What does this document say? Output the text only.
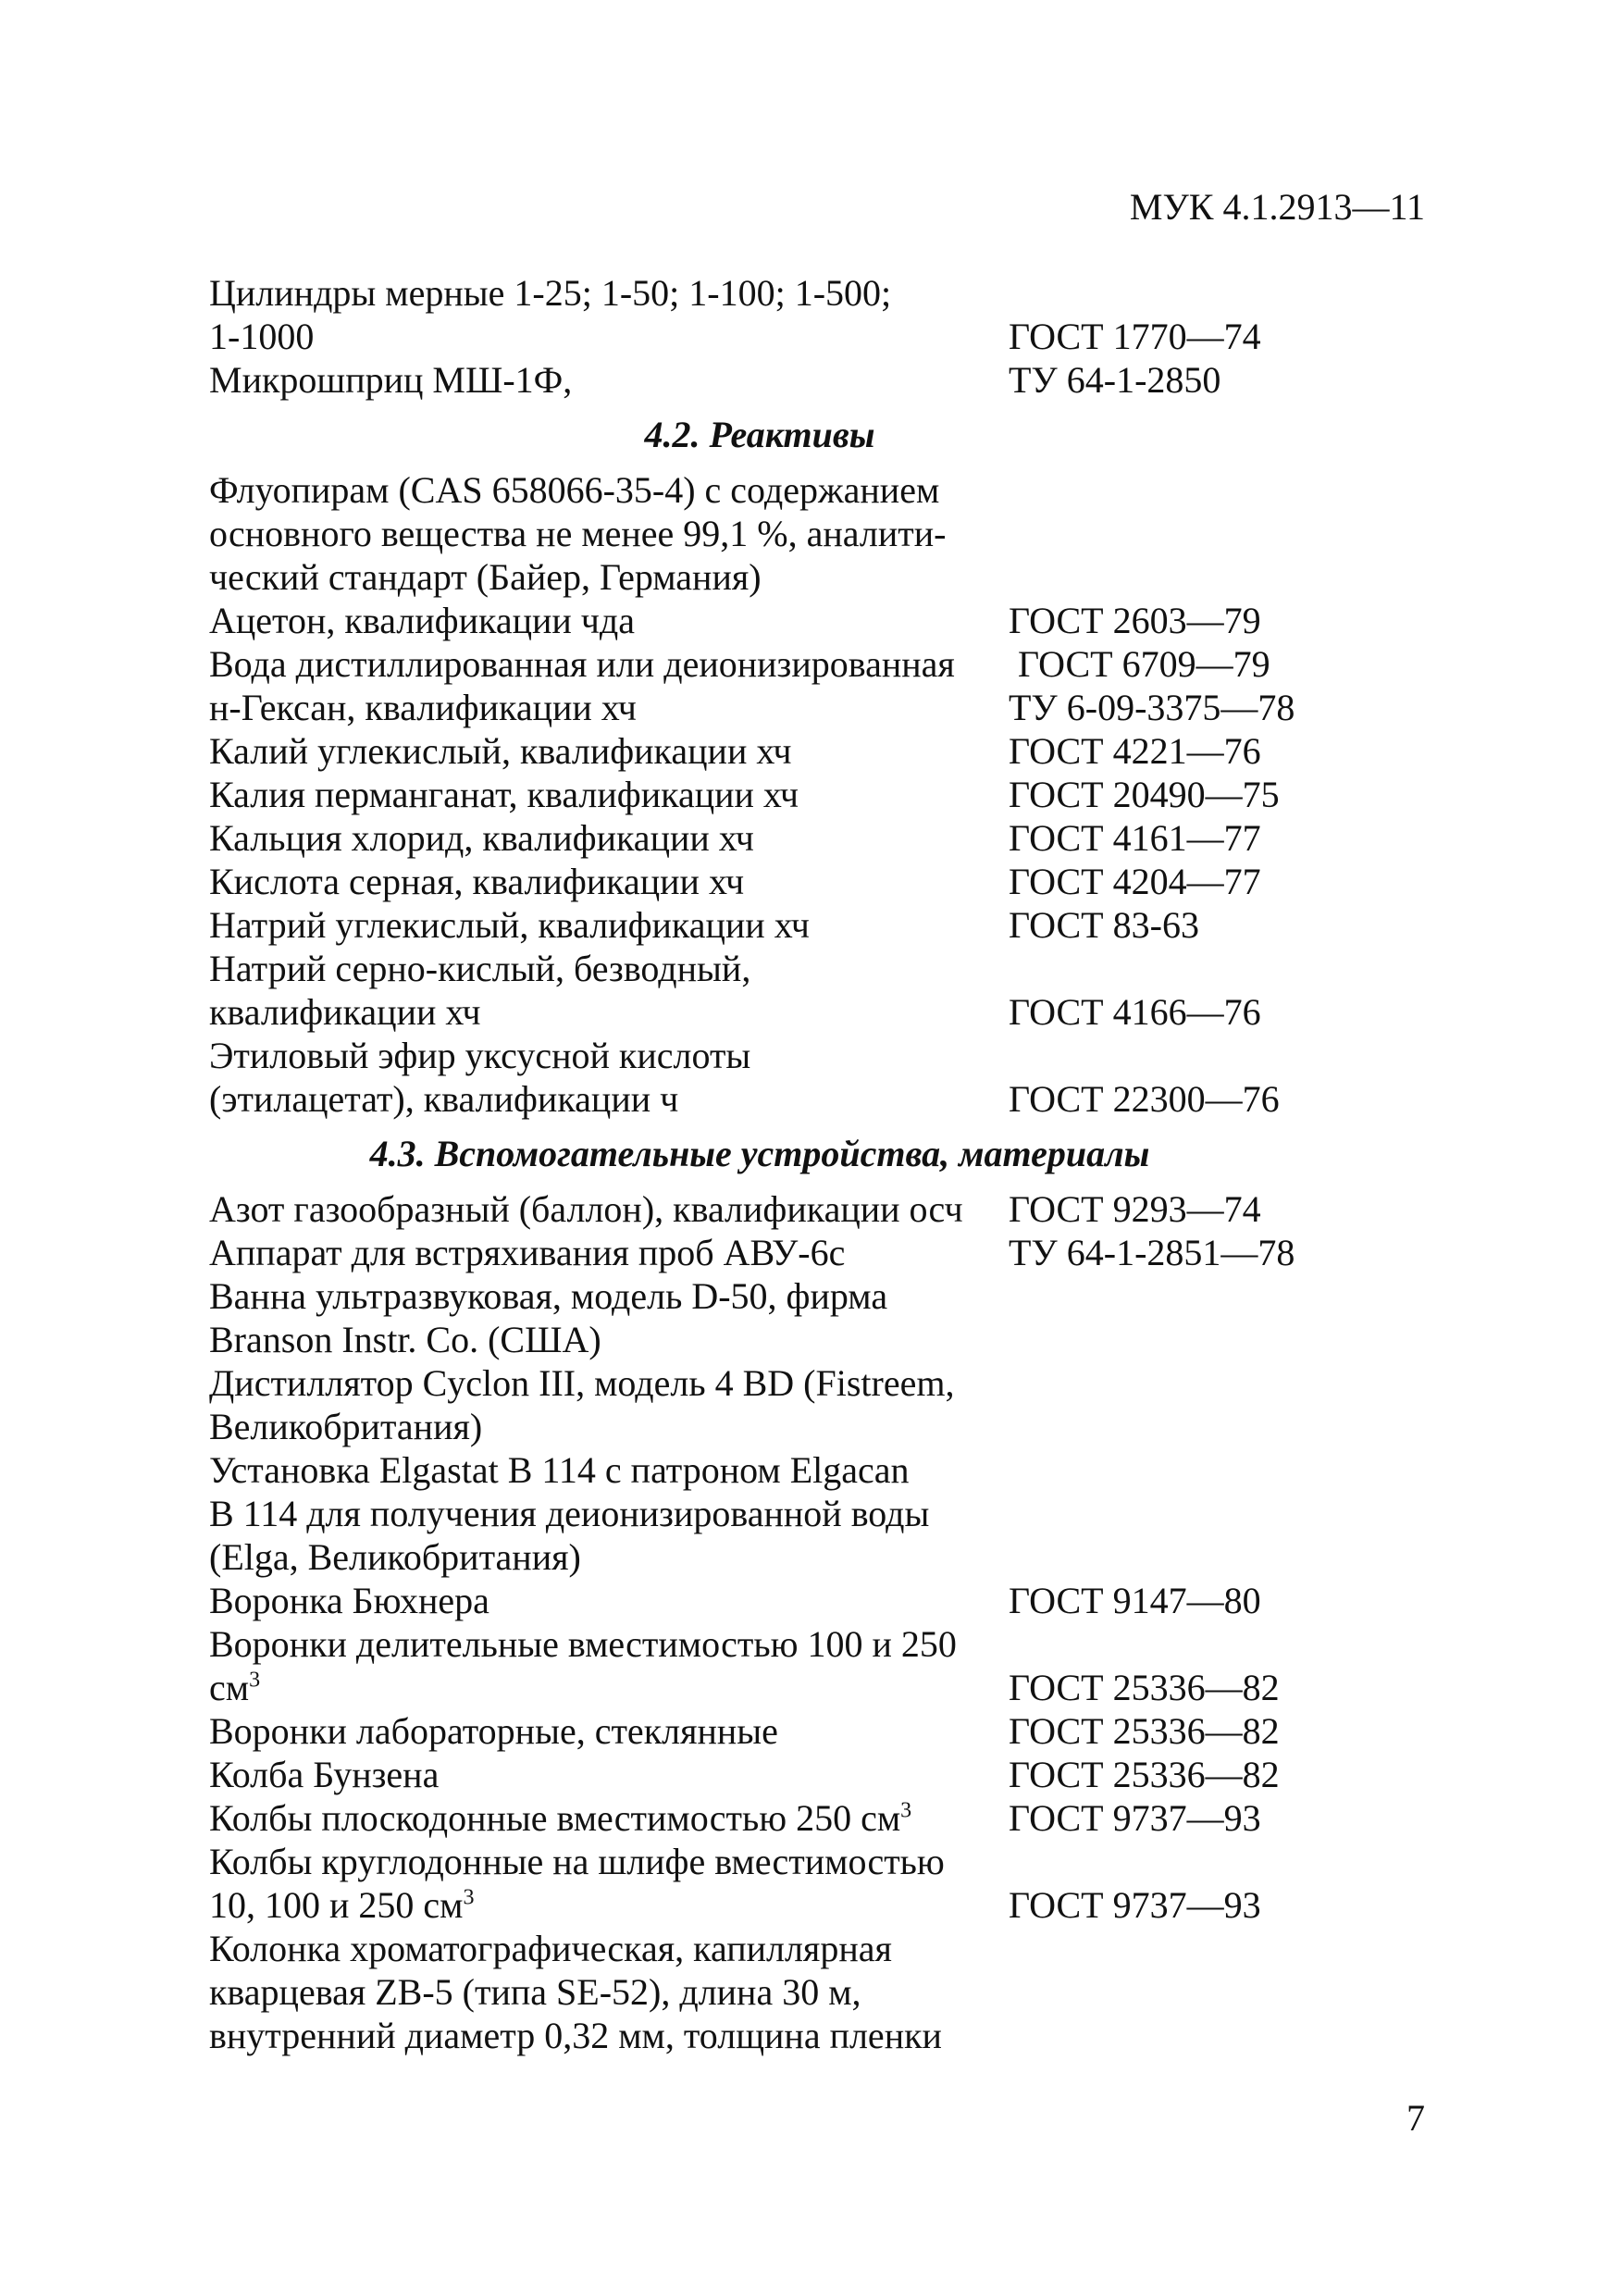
МУК 4.1.2913—11
Цилиндры мерные 1-25; 1-50; 1-100; 1-500;
1-1000	ГОСТ 1770—74
Микрошприц МШ-1Ф,	ТУ 64-1-2850
4.2. Реактивы
Флуопирам (CAS 658066-35-4) с содержанием
основного вещества не менее 99,1 %, аналити-
ческий стандарт (Байер, Германия)
Ацетон, квалификации чда	ГОСТ 2603—79
Вода дистиллированная или деионизированная	ГОСТ 6709—79
н-Гексан, квалификации хч	ТУ 6-09-3375—78
Калий углекислый, квалификации хч	ГОСТ 4221—76
Калия перманганат, квалификации хч	ГОСТ 20490—75
Кальция хлорид, квалификации хч	ГОСТ 4161—77
Кислота серная, квалификации хч	ГОСТ 4204—77
Натрий углекислый, квалификации хч	ГОСТ 83-63
Натрий серно-кислый, безводный,
квалификации хч	ГОСТ 4166—76
Этиловый эфир уксусной кислоты
(этилацетат), квалификации ч	ГОСТ 22300—76
4.3. Вспомогательные устройства, материалы
Азот газообразный (баллон), квалификации осч	ГОСТ 9293—74
Аппарат для встряхивания проб АВУ-6с	ТУ 64-1-2851—78
Ванна ультразвуковая, модель D-50, фирма
Branson Instr. Co. (США)
Дистиллятор Cyclon III, модель 4 BD (Fistreem,
Великобритания)
Установка Elgastat B 114 с патроном Elgacan
B 114 для получения деионизированной воды
(Elga, Великобритания)
Воронка Бюхнера	ГОСТ 9147—80
Воронки делительные вместимостью 100 и 250 $см^3$	ГОСТ 25336—82
Воронки лабораторные, стеклянные	ГОСТ 25336—82
Колба Бунзена	ГОСТ 25336—82
Колбы плоскодонные вместимостью 250 $см^3$	ГОСТ 9737—93
Колбы круглодонные на шлифе вместимостью
10, 100 и 250 $см^3$	ГОСТ 9737—93
Колонка хроматографическая, капиллярная
кварцевая ZB-5 (типа SE-52), длина 30 м,
внутренний диаметр 0,32 мм, толщина пленки
7
